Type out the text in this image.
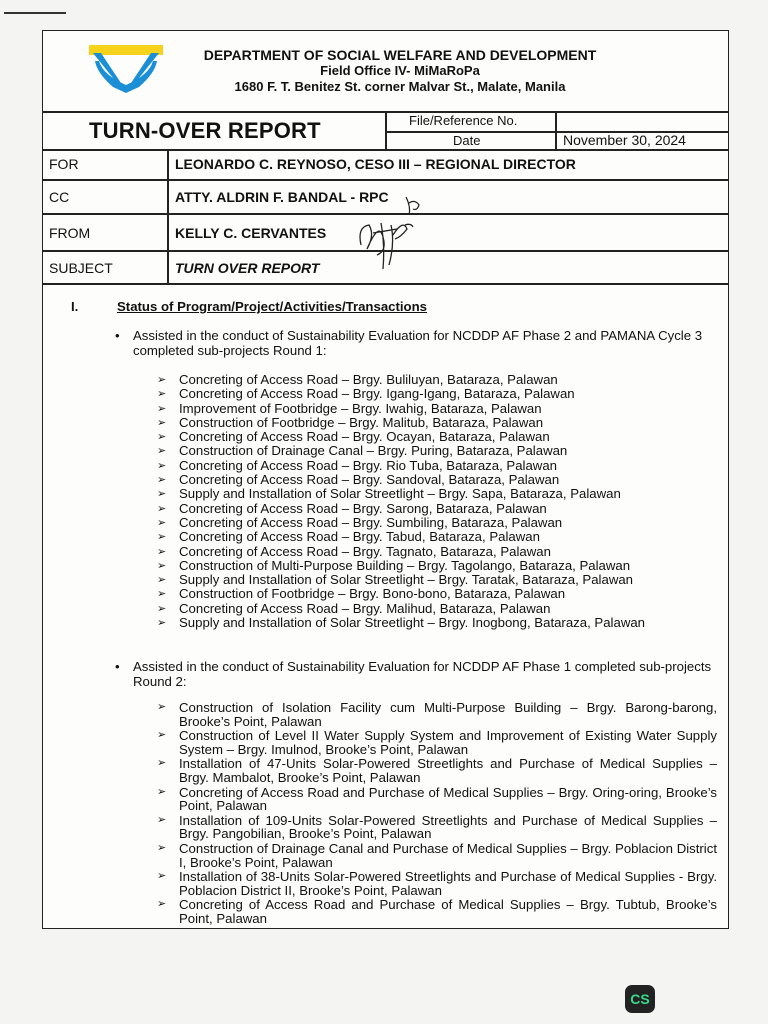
DEPARTMENT OF SOCIAL WELFARE AND DEVELOPMENT
Field Office IV- MiMaRoPa
1680 F. T. Benitez St. corner Malvar St., Malate, Manila
TURN-OVER REPORT	File/Reference No.
Date	November 30, 2024
FOR	LEONARDO C. REYNOSO, CESO III – REGIONAL DIRECTOR
CC	ATTY. ALDRIN F. BANDAL - RPC
FROM	KELLY C. CERVANTES
SUBJECT	TURN OVER REPORT
I.	Status of Program/Project/Activities/Transactions
• Assisted in the conduct of Sustainability Evaluation for NCDDP AF Phase 2 and PAMANA Cycle 3 completed sub-projects Round 1:
➢ Concreting of Access Road – Brgy. Buliluyan, Bataraza, Palawan
➢ Concreting of Access Road – Brgy. Igang-Igang, Bataraza, Palawan
➢ Improvement of Footbridge – Brgy. Iwahig, Bataraza, Palawan
➢ Construction of Footbridge – Brgy. Malitub, Bataraza, Palawan
➢ Concreting of Access Road – Brgy. Ocayan, Bataraza, Palawan
➢ Construction of Drainage Canal – Brgy. Puring, Bataraza, Palawan
➢ Concreting of Access Road – Brgy. Rio Tuba, Bataraza, Palawan
➢ Concreting of Access Road – Brgy. Sandoval, Bataraza, Palawan
➢ Supply and Installation of Solar Streetlight – Brgy. Sapa, Bataraza, Palawan
➢ Concreting of Access Road – Brgy. Sarong, Bataraza, Palawan
➢ Concreting of Access Road – Brgy. Sumbiling, Bataraza, Palawan
➢ Concreting of Access Road – Brgy. Tabud, Bataraza, Palawan
➢ Concreting of Access Road – Brgy. Tagnato, Bataraza, Palawan
➢ Construction of Multi-Purpose Building – Brgy. Tagolango, Bataraza, Palawan
➢ Supply and Installation of Solar Streetlight – Brgy. Taratak, Bataraza, Palawan
➢ Construction of Footbridge – Brgy. Bono-bono, Bataraza, Palawan
➢ Concreting of Access Road – Brgy. Malihud, Bataraza, Palawan
➢ Supply and Installation of Solar Streetlight – Brgy. Inogbong, Bataraza, Palawan
• Assisted in the conduct of Sustainability Evaluation for NCDDP AF Phase 1 completed sub-projects Round 2:
➢ Construction of Isolation Facility cum Multi-Purpose Building – Brgy. Barong-barong, Brooke’s Point, Palawan
➢ Construction of Level II Water Supply System and Improvement of Existing Water Supply System – Brgy. Imulnod, Brooke’s Point, Palawan
➢ Installation of 47-Units Solar-Powered Streetlights and Purchase of Medical Supplies – Brgy. Mambalot, Brooke’s Point, Palawan
➢ Concreting of Access Road and Purchase of Medical Supplies – Brgy. Oring-oring, Brooke’s Point, Palawan
➢ Installation of 109-Units Solar-Powered Streetlights and Purchase of Medical Supplies – Brgy. Pangobilian, Brooke’s Point, Palawan
➢ Construction of Drainage Canal and Purchase of Medical Supplies – Brgy. Poblacion District I, Brooke’s Point, Palawan
➢ Installation of 38-Units Solar-Powered Streetlights and Purchase of Medical Supplies - Brgy. Poblacion District II, Brooke’s Point, Palawan
➢ Concreting of Access Road and Purchase of Medical Supplies – Brgy. Tubtub, Brooke’s Point, Palawan
CS
